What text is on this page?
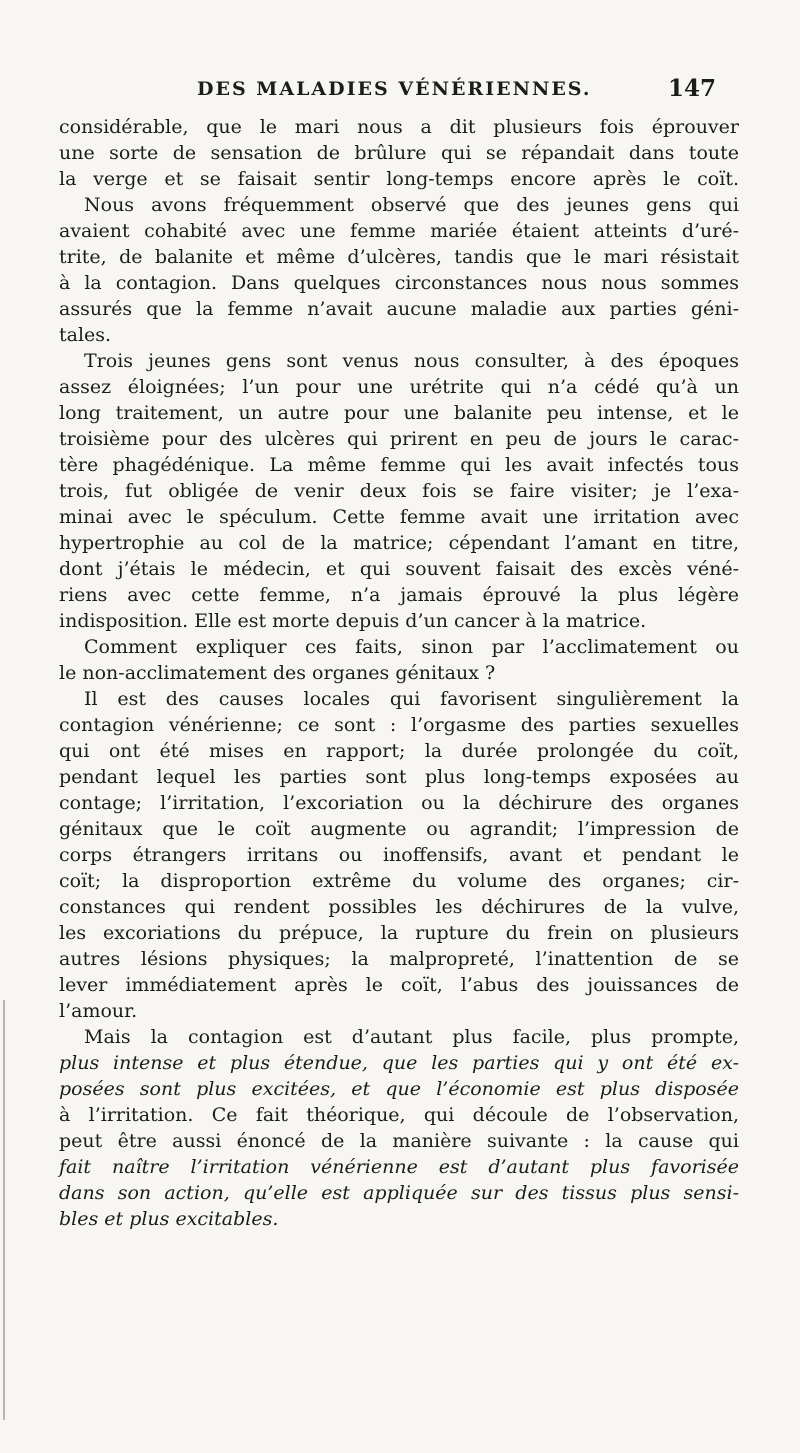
DES MALADIES VÉNÉRIENNES.	147
considérable, que le mari nous a dit plusieurs fois éprouver
une sorte de sensation de brûlure qui se répandait dans toute
la verge et se faisait sentir long-temps encore après le coït.
Nous avons fréquemment observé que des jeunes gens qui
avaient cohabité avec une femme mariée étaient atteints d’uré-
trite, de balanite et même d’ulcères, tandis que le mari résistait
à la contagion. Dans quelques circonstances nous nous sommes
assurés que la femme n’avait aucune maladie aux parties géni-
tales.
Trois jeunes gens sont venus nous consulter, à des époques
assez éloignées; l’un pour une urétrite qui n’a cédé qu’à un
long traitement, un autre pour une balanite peu intense, et le
troisième pour des ulcères qui prirent en peu de jours le carac-
tère phagédénique. La même femme qui les avait infectés tous
trois, fut obligée de venir deux fois se faire visiter; je l’exa-
minai avec le spéculum. Cette femme avait une irritation avec
hypertrophie au col de la matrice; cépendant l’amant en titre,
dont j’étais le médecin, et qui souvent faisait des excès véné-
riens avec cette femme, n’a jamais éprouvé la plus légère
indisposition. Elle est morte depuis d’un cancer à la matrice.
Comment expliquer ces faits, sinon par l’acclimatement ou
le non-acclimatement des organes génitaux ?
Il est des causes locales qui favorisent singulièrement la
contagion vénérienne; ce sont : l’orgasme des parties sexuelles
qui ont été mises en rapport; la durée prolongée du coït,
pendant lequel les parties sont plus long-temps exposées au
contage; l’irritation, l’excoriation ou la déchirure des organes
génitaux que le coït augmente ou agrandit; l’impression de
corps étrangers irritans ou inoffensifs, avant et pendant le
coït; la disproportion extrême du volume des organes; cir-
constances qui rendent possibles les déchirures de la vulve,
les excoriations du prépuce, la rupture du frein on plusieurs
autres lésions physiques; la malpropreté, l’inattention de se
lever immédiatement après le coït, l’abus des jouissances de
l’amour.
Mais la contagion est d’autant plus facile, plus prompte,
plus intense et plus étendue, que les parties qui y ont été ex-
posées sont plus excitées, et que l’économie est plus disposée
à l’irritation. Ce fait théorique, qui découle de l’observation,
peut être aussi énoncé de la manière suivante : la cause qui
fait naître l’irritation vénérienne est d’autant plus favorisée
dans son action, qu’elle est appliquée sur des tissus plus sensi-
bles et plus excitables.
